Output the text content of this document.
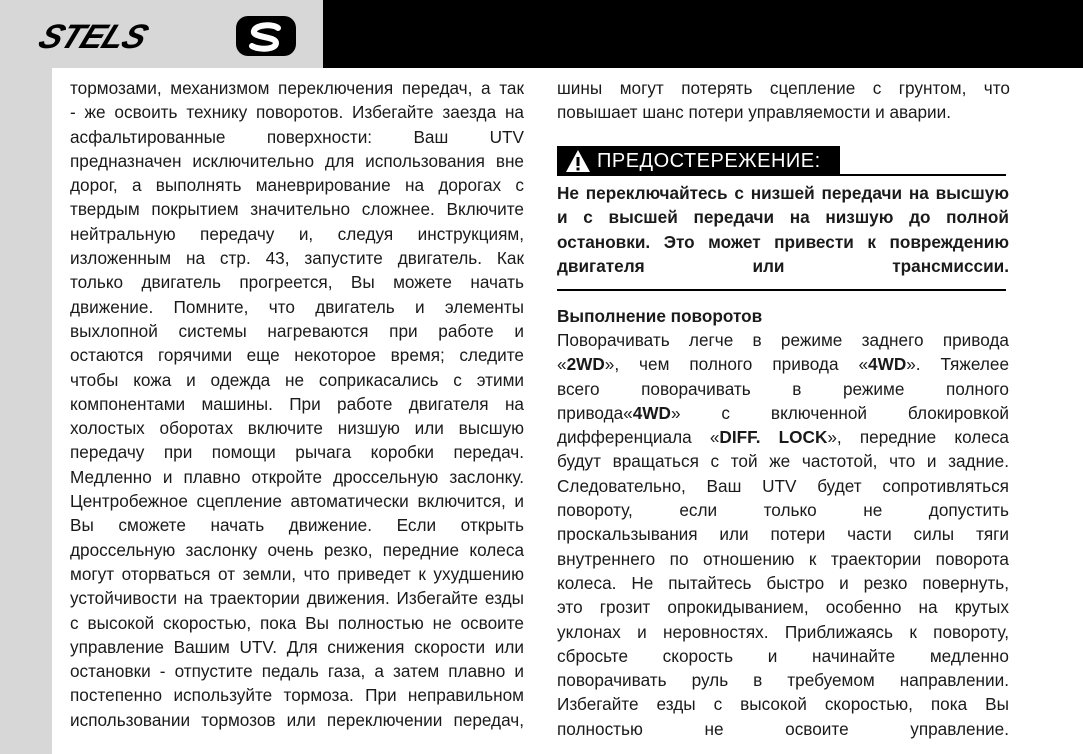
STELS
тормозами, механизмом переключения передач, а так
- же освоить технику поворотов. Избегайте заезда на
асфальтированные поверхности: Ваш UTV
предназначен исключительно для использования вне
дорог, а выполнять маневрирование на дорогах с
твердым покрытием значительно сложнее. Включите
нейтральную передачу и, следуя инструкциям,
изложенным на стр. 43, запустите двигатель. Как
только двигатель прогреется, Вы можете начать
движение. Помните, что двигатель и элементы
выхлопной системы нагреваются при работе и
остаются горячими еще некоторое время; следите
чтобы кожа и одежда не соприкасались с этими
компонентами машины. При работе двигателя на
холостых оборотах включите низшую или высшую
передачу при помощи рычага коробки передач.
Медленно и плавно откройте дроссельную заслонку.
Центробежное сцепление автоматически включится, и
Вы сможете начать движение. Если открыть
дроссельную заслонку очень резко, передние колеса
могут оторваться от земли, что приведет к ухудшению
устойчивости на траектории движения. Избегайте езды
с высокой скоростью, пока Вы полностью не освоите
управление Вашим UTV. Для снижения скорости или
остановки - отпустите педаль газа, а затем плавно и
постепенно используйте тормоза. При неправильном
использовании тормозов или переключении передач,
шины могут потерять сцепление с грунтом, что
повышает шанс потери управляемости и аварии.
ПРЕДОСТЕРЕЖЕНИЕ:
Не переключайтесь с низшей передачи на высшую
и с высшей передачи на низшую до полной
остановки. Это может привести к повреждению
двигателя или трансмиссии.
Выполнение поворотов
Поворачивать легче в режиме заднего привода
«2WD», чем полного привода «4WD». Тяжелее
всего поворачивать в режиме полного
привода«4WD» с включенной блокировкой
дифференциала «DIFF. LOCK», передние колеса
будут вращаться с той же частотой, что и задние.
Следовательно, Ваш UTV будет сопротивляться
повороту, если только не допустить
проскальзывания или потери части силы тяги
внутреннего по отношению к траектории поворота
колеса. Не пытайтесь быстро и резко повернуть,
это грозит опрокидыванием, особенно на крутых
уклонах и неровностях. Приближаясь к повороту,
сбросьте скорость и начинайте медленно
поворачивать руль в требуемом направлении.
Избегайте езды с высокой скоростью, пока Вы
полностью не освоите управление.
